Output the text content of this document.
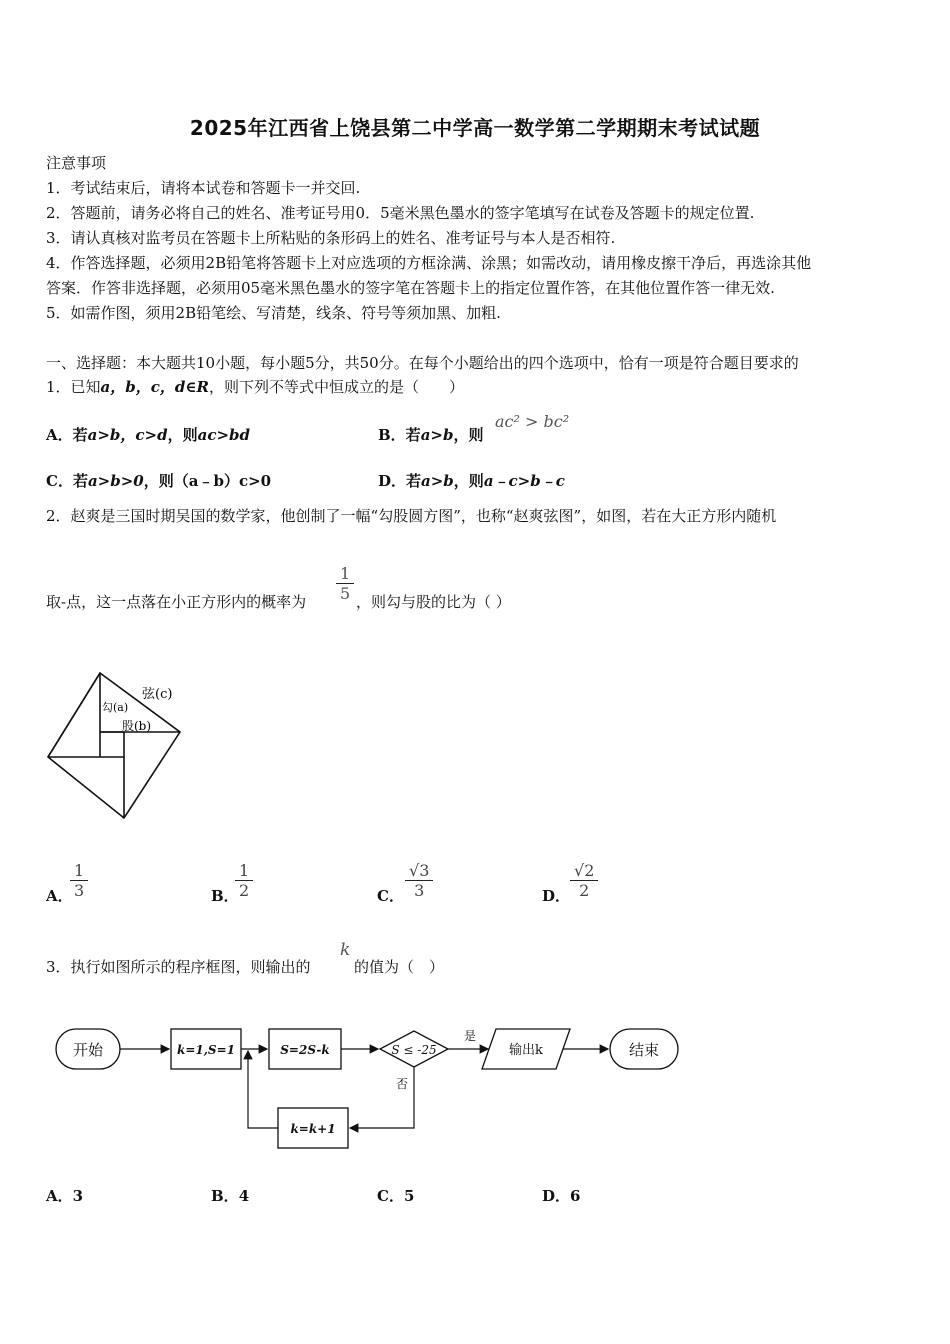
2025年江西省上饶县第二中学高一数学第二学期期末考试试题
注意事项
1．考试结束后，请将本试卷和答题卡一并交回.
2．答题前，请务必将自己的姓名、准考证号用0．5毫米黑色墨水的签字笔填写在试卷及答题卡的规定位置.
3．请认真核对监考员在答题卡上所粘贴的条形码上的姓名、准考证号与本人是否相符.
4．作答选择题，必须用2B铅笔将答题卡上对应选项的方框涂满、涂黑；如需改动，请用橡皮擦干净后，再选涂其他
答案．作答非选择题，必须用05毫米黑色墨水的签字笔在答题卡上的指定位置作答，在其他位置作答一律无效.
5．如需作图，须用2B铅笔绘、写清楚，线条、符号等须加黑、加粗.
一、选择题：本大题共10小题，每小题5分，共50分。在每个小题给出的四个选项中，恰有一项是符合题目要求的
1．已知a，b，c，d∈R，则下列不等式中恒成立的是（　　）
A．若a>b，c>d，则ac>bd	B．若a>b，则
ac² > bc²
C．若a>b>0，则（a﹣b）c>0	D．若a>b，则a﹣c>b﹣c
2．赵爽是三国时期吴国的数学家，他创制了一幅“勾股圆方图”，也称“赵爽弦图”，如图，若在大正方形内随机
取-点，这一点落在小正方形内的概率为 $\frac{1}{5}$ ，则勾与股的比为（ ）
弦(c)
勾(a)
股(b)
A．
$\frac{1}{3}$	B．
$\frac{1}{2}$	C． $\frac{√3}{3}$	D． $\frac{√2}{2}$
3．执行如图所示的程序框图，则输出的
k
的值为（　）
开始	k=1,S=1	S=2S-k	S ≤ -25
是
否
输出k	结束
k=k+1
A．3	B．4	C．5	D．6
